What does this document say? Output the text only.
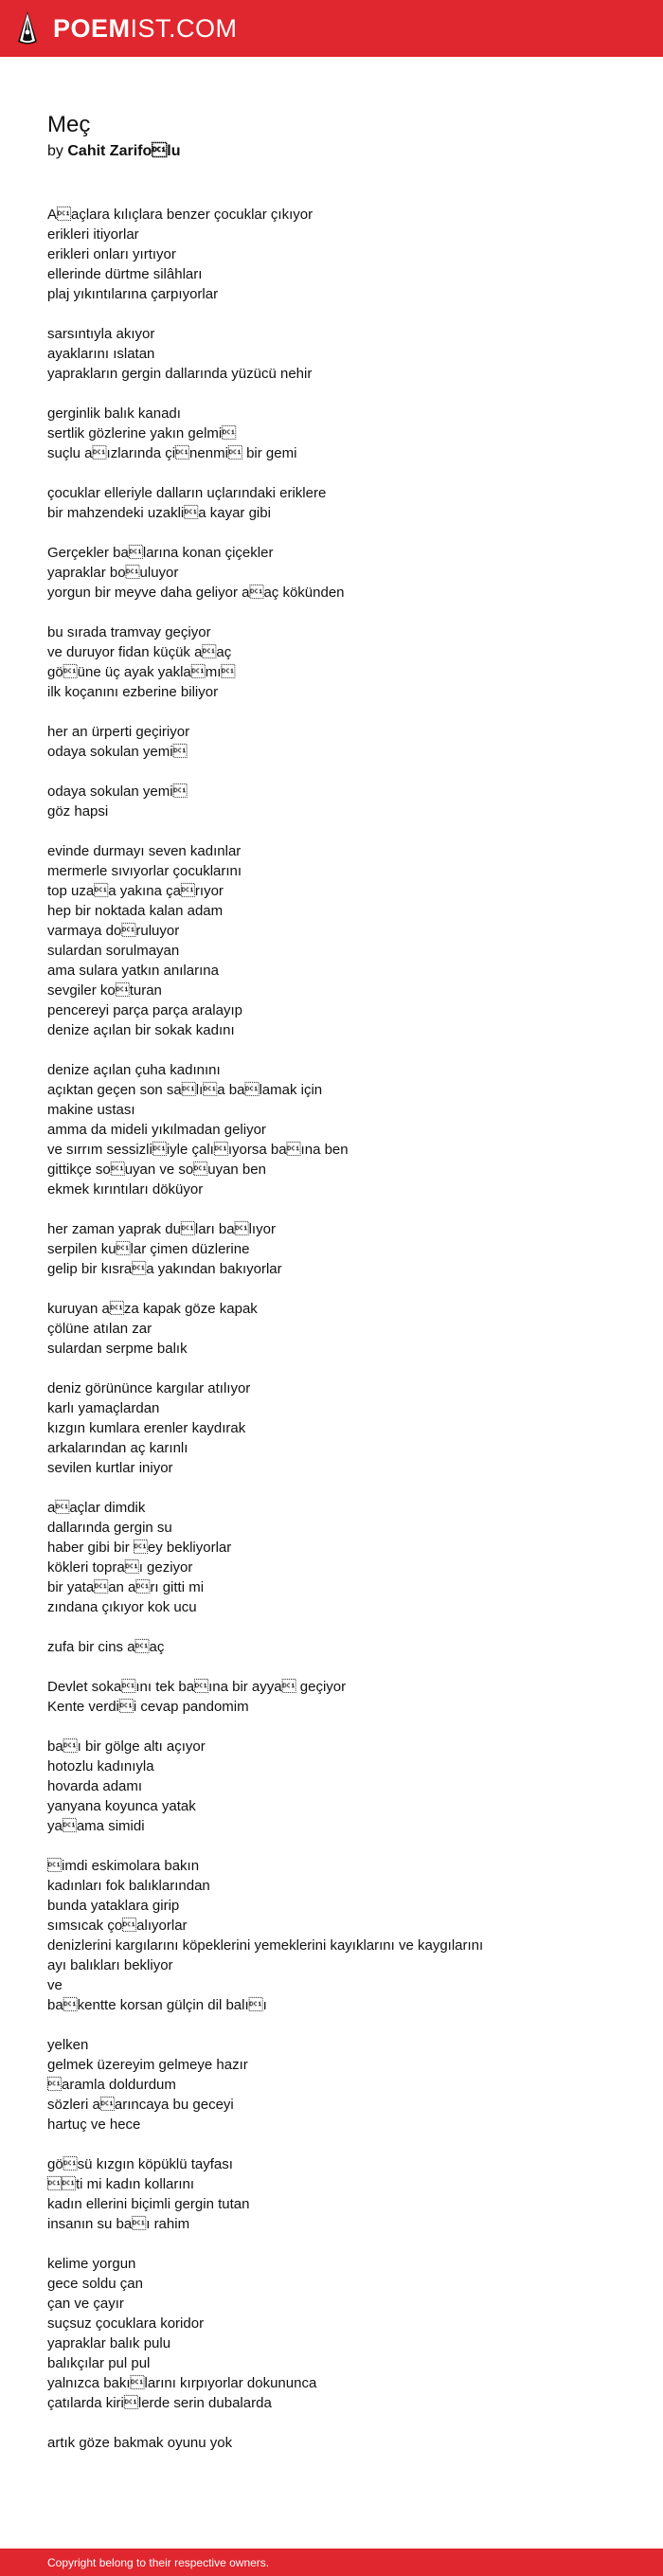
POEMIST.COM
Meç
by Cahit Zarifolu
Aaçlara kılıçlara benzer çocuklar çıkıyor
erikleri itiyorlar
erikleri onları yırtıyor
ellerinde dürtme silâhları
plaj yıkıntılarına çarpıyorlar
sarsıntıyla akıyor
ayaklarını ıslatan
yaprakların gergin dallarında yüzücü nehir
gerginlik balık kanadı
sertlik gözlerine yakın gelmi
suçlu aızlarında çinenmi bir gemi
çocuklar elleriyle dalların uçlarındaki eriklere
bir mahzendeki uzaklia kayar gibi
Gerçekler balarına konan çiçekler
yapraklar bouluyor
yorgun bir meyve daha geliyor aaç kökünden
bu sırada tramvay geçiyor
ve duruyor fidan küçük aaç
göüne üç ayak yaklamı
ilk koçanını ezberine biliyor
her an ürperti geçiriyor
odaya sokulan yemi
odaya sokulan yemi
göz hapsi
evinde durmayı seven kadınlar
mermerle sıvıyorlar çocuklarını
top uzaa yakına çarıyor
hep bir noktada kalan adam
varmaya doruluyor
sulardan sorulmayan
ama sulara yatkın anılarına
sevgiler koturan
pencereyi parça parça aralayıp
denize açılan bir sokak kadını
denize açılan çuha kadınını
açıktan geçen son salıa balamak için
makine ustası
amma da mideli yıkılmadan geliyor
ve sırrım sessizliiyle çalııyorsa baına ben
gittikçe souyan ve souyan ben
ekmek kırıntıları döküyor
her zaman yaprak duları balıyor
serpilen kular çimen düzlerine
gelip bir kısraa yakından bakıyorlar
kuruyan aza kapak göze kapak
çölüne atılan zar
sulardan serpme balık
deniz görününce kargılar atılıyor
karlı yamaçlardan
kızgın kumlara erenler kaydırak
arkalarından aç karınlı
sevilen kurtlar iniyor
aaçlar dimdik
dallarında gergin su
haber gibi bir ey bekliyorlar
kökleri topraı geziyor
bir yataan arı gitti mi
zındana çıkıyor kok ucu
zufa bir cins aaç
Devlet sokaını tek baına bir ayya geçiyor
Kente verdii cevap pandomim
baı bir gölge altı açıyor
hotozlu kadınıyla
hovarda adamı
yanyana koyunca yatak
yaama simidi
imdi eskimolara bakın
kadınları fok balıklarından
bunda yataklara girip
sımsıcak çoalıyorlar
denizlerini kargılarını köpeklerini yemeklerini kayıklarını ve kaygılarını
ayı balıkları bekliyor
ve
bakentte korsan gülçin dil balıı
yelken
gelmek üzereyim gelmeye hazır
aramla doldurdum
sözleri aarıncaya bu geceyi
hartuç ve hece
gösü kızgın köpüklü tayfası
ti mi kadın kollarını
kadın ellerini biçimli gergin tutan
insanın su baı rahim
kelime yorgun
gece soldu çan
çan ve çayır
suçsuz çocuklara koridor
yapraklar balık pulu
balıkçılar pul pul
yalnızca bakılarını kırpıyorlar dokununca
çatılarda kirilerde serin dubalarda
artık göze bakmak oyunu yok
Copyright belong to their respective owners.
